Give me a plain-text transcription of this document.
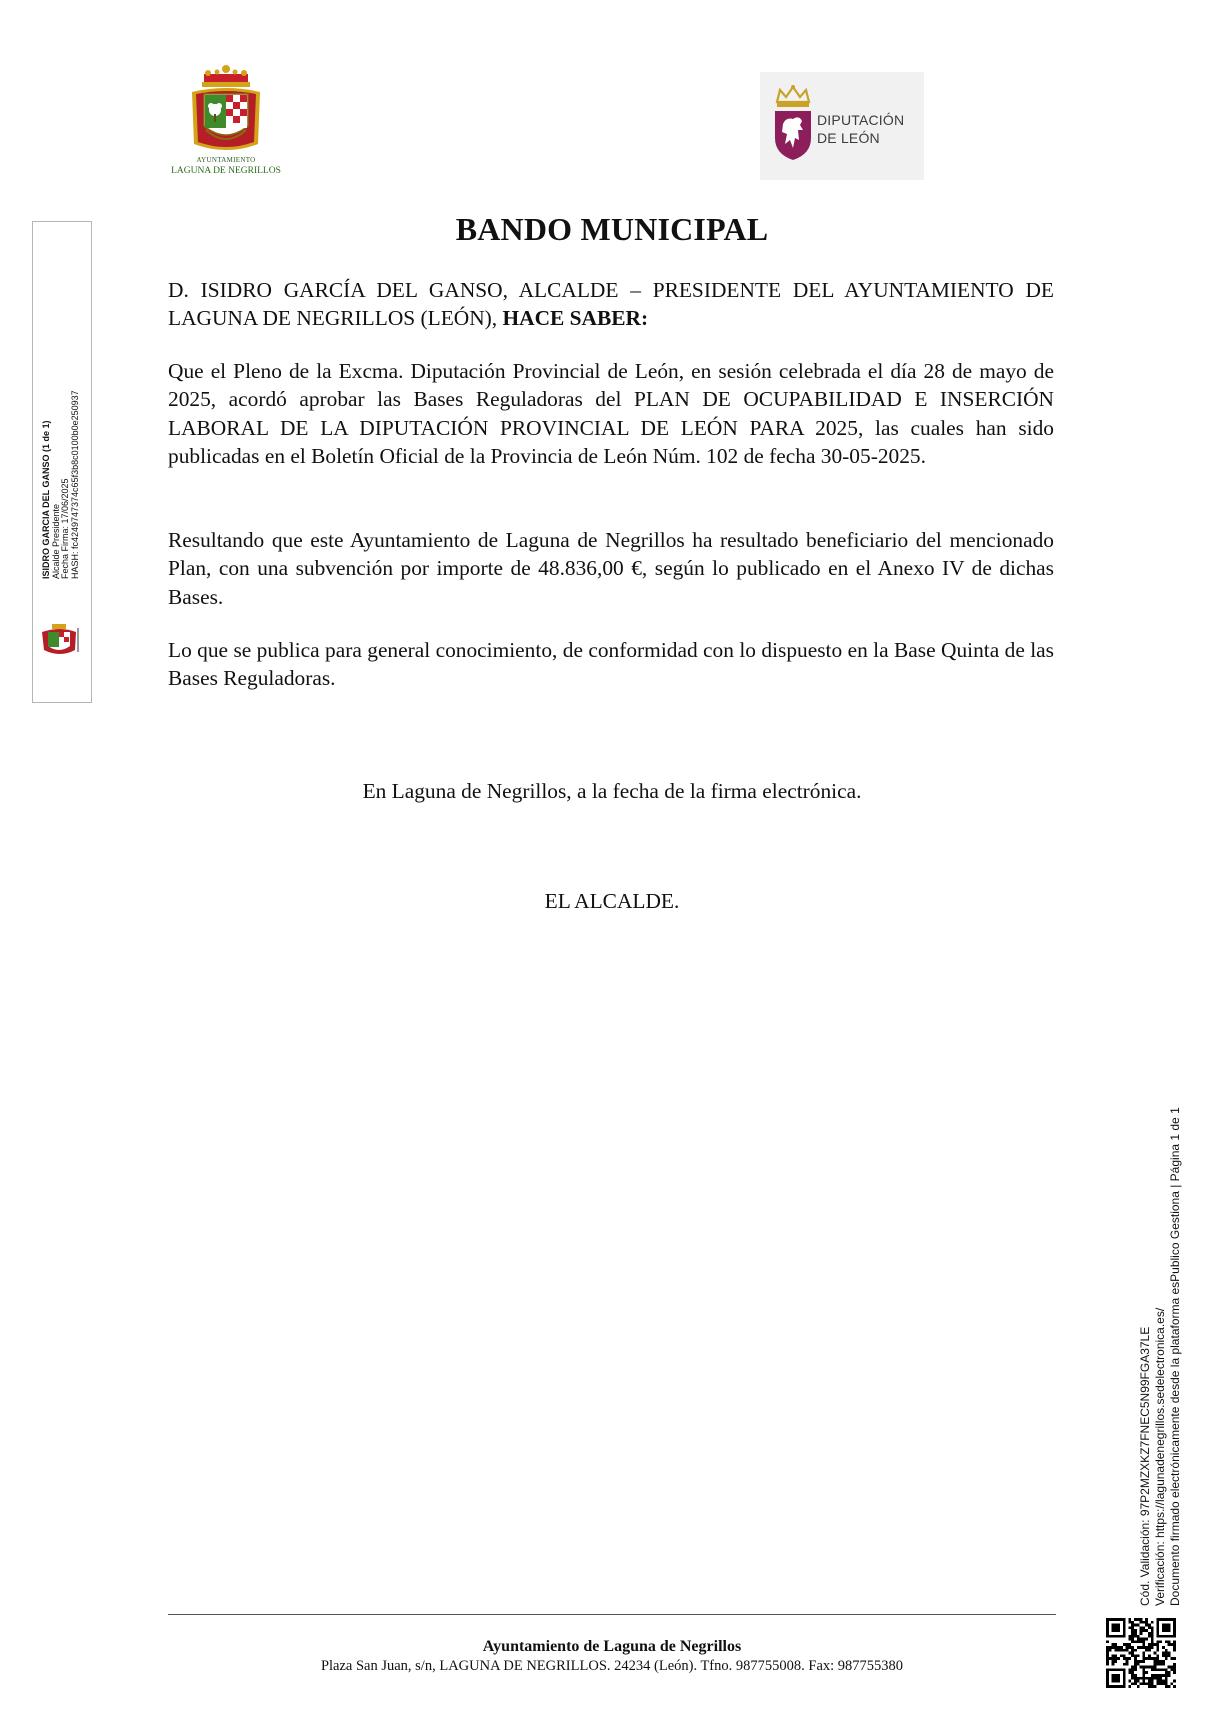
AYUNTAMIENTO
LAGUNA DE NEGRILLOS
DIPUTACIÓN
DE LEÓN
ISIDRO GARCIA DEL GANSO (1 de 1) Alcalde Presidente Fecha Firma: 17/06/2025 HASH: fc4249747374c65f3b8c0100b0e250937
BANDO MUNICIPAL
D. ISIDRO GARCÍA DEL GANSO, ALCALDE – PRESIDENTE DEL AYUNTAMIENTO DE LAGUNA DE NEGRILLOS (LEÓN), HACE SABER:
Que el Pleno de la Excma. Diputación Provincial de León, en sesión celebrada el día 28 de mayo de 2025, acordó aprobar las Bases Reguladoras del PLAN DE OCUPABILIDAD E INSERCIÓN LABORAL DE LA DIPUTACIÓN PROVINCIAL DE LEÓN PARA 2025, las cuales han sido publicadas en el Boletín Oficial de la Provincia de León Núm. 102 de fecha 30-05-2025.
Resultando que este Ayuntamiento de Laguna de Negrillos ha resultado beneficiario del mencionado Plan, con una subvención por importe de 48.836,00 €, según lo publicado en el Anexo IV de dichas Bases.
Lo que se publica para general conocimiento, de conformidad con lo dispuesto en la Base Quinta de las Bases Reguladoras.
En Laguna de Negrillos, a la fecha de la firma electrónica.
EL ALCALDE.
Cód. Validación: 97P2MZXKZ7FNEC5N99FGA37LE Verificación: https://lagunadenegrillos.sedelectronica.es/ Documento firmado electrónicamente desde la plataforma esPublico Gestiona | Página 1 de 1
Ayuntamiento de Laguna de Negrillos
Plaza San Juan, s/n, LAGUNA DE NEGRILLOS. 24234 (León). Tfno. 987755008. Fax: 987755380
